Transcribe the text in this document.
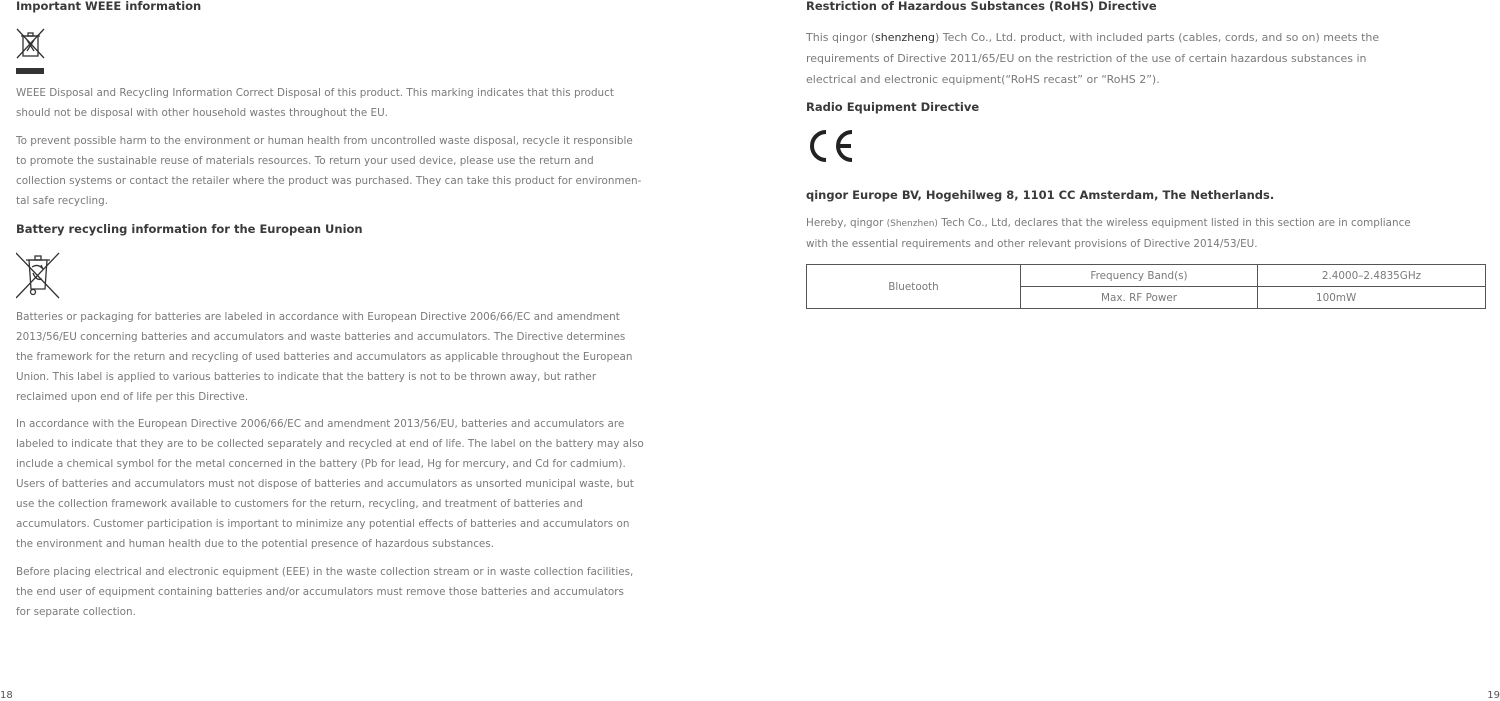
Important WEEE information

WEEE Disposal and Recycling Information Correct Disposal of this product. This marking indicates that this product
should not be disposal with other household wastes throughout the EU.

To prevent possible harm to the environment or human health from uncontrolled waste disposal, recycle it responsible
to promote the sustainable reuse of materials resources. To return your used device, please use the return and
collection systems or contact the retailer where the product was purchased. They can take this product for environmen-
tal safe recycling.

Battery recycling information for the European Union

Batteries or packaging for batteries are labeled in accordance with European Directive 2006/66/EC and amendment
2013/56/EU concerning batteries and accumulators and waste batteries and accumulators. The Directive determines
the framework for the return and recycling of used batteries and accumulators as applicable throughout the European
Union. This label is applied to various batteries to indicate that the battery is not to be thrown away, but rather
reclaimed upon end of life per this Directive.

In accordance with the European Directive 2006/66/EC and amendment 2013/56/EU, batteries and accumulators are
labeled to indicate that they are to be collected separately and recycled at end of life. The label on the battery may also
include a chemical symbol for the metal concerned in the battery (Pb for lead, Hg for mercury, and Cd for cadmium).
Users of batteries and accumulators must not dispose of batteries and accumulators as unsorted municipal waste, but
use the collection framework available to customers for the return, recycling, and treatment of batteries and
accumulators. Customer participation is important to minimize any potential effects of batteries and accumulators on
the environment and human health due to the potential presence of hazardous substances.

Before placing electrical and electronic equipment (EEE) in the waste collection stream or in waste collection facilities,
the end user of equipment containing batteries and/or accumulators must remove those batteries and accumulators
for separate collection.

18
Restriction of Hazardous Substances (RoHS) Directive

This qingor (shenzheng) Tech Co., Ltd. product, with included parts (cables, cords, and so on) meets the
requirements of Directive 2011/65/EU on the restriction of the use of certain hazardous substances in
electrical and electronic equipment(“RoHS recast” or “RoHS 2”).

Radio Equipment Directive
qingor Europe BV, Hogehilweg 8, 1101 CC Amsterdam, The Netherlands.

Hereby, qingor (Shenzhen) Tech Co., Ltd, declares that the wireless equipment listed in this section are in compliance
with the essential requirements and other relevant provisions of Directive 2014/53/EU.

Bluetooth	Frequency Band(s)	2.4000–2.4835GHz
	Max. RF Power	100mW
19
